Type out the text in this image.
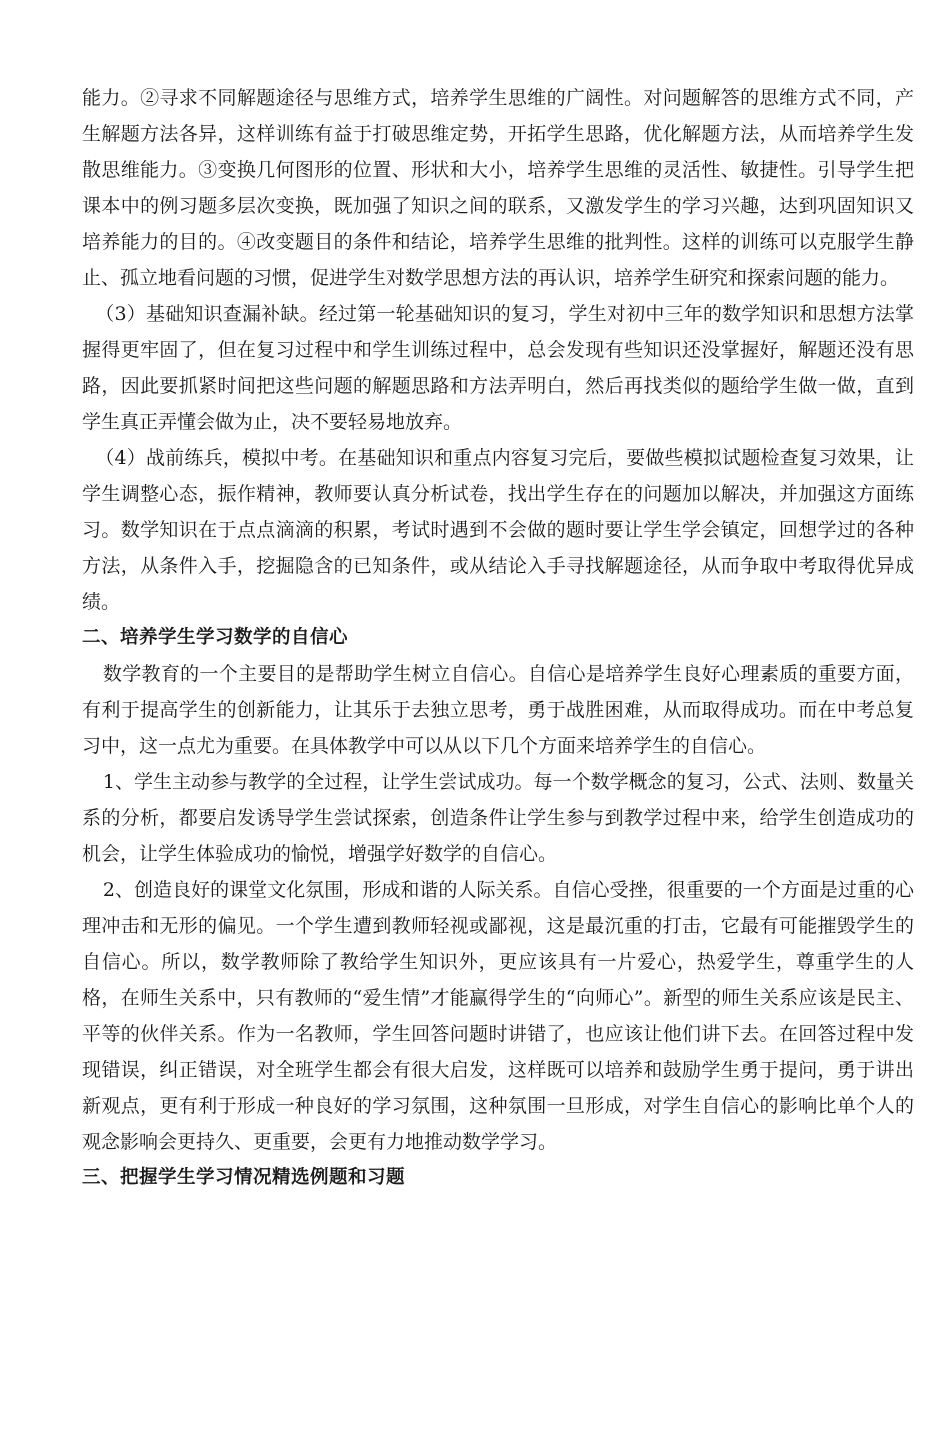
能力。②寻求不同解题途径与思维方式，培养学生思维的广阔性。对问题解答的思维方式不同，产生解题方法各异，这样训练有益于打破思维定势，开拓学生思路，优化解题方法，从而培养学生发散思维能力。③变换几何图形的位置、形状和大小，培养学生思维的灵活性、敏捷性。引导学生把课本中的例习题多层次变换，既加强了知识之间的联系，又激发学生的学习兴趣，达到巩固知识又培养能力的目的。④改变题目的条件和结论，培养学生思维的批判性。这样的训练可以克服学生静止、孤立地看问题的习惯，促进学生对数学思想方法的再认识，培养学生研究和探索问题的能力。

（3）基础知识查漏补缺。经过第一轮基础知识的复习，学生对初中三年的数学知识和思想方法掌握得更牢固了，但在复习过程中和学生训练过程中，总会发现有些知识还没掌握好，解题还没有思路，因此要抓紧时间把这些问题的解题思路和方法弄明白，然后再找类似的题给学生做一做，直到学生真正弄懂会做为止，决不要轻易地放弃。

（4）战前练兵，模拟中考。在基础知识和重点内容复习完后，要做些模拟试题检查复习效果，让学生调整心态，振作精神，教师要认真分析试卷，找出学生存在的问题加以解决，并加强这方面练习。数学知识在于点点滴滴的积累，考试时遇到不会做的题时要让学生学会镇定，回想学过的各种方法，从条件入手，挖掘隐含的已知条件，或从结论入手寻找解题途径，从而争取中考取得优异成绩。

二、培养学生学习数学的自信心

数学教育的一个主要目的是帮助学生树立自信心。自信心是培养学生良好心理素质的重要方面，有利于提高学生的创新能力，让其乐于去独立思考，勇于战胜困难，从而取得成功。而在中考总复习中，这一点尤为重要。在具体教学中可以从以下几个方面来培养学生的自信心。

1、学生主动参与教学的全过程，让学生尝试成功。每一个数学概念的复习，公式、法则、数量关系的分析，都要启发诱导学生尝试探索，创造条件让学生参与到教学过程中来，给学生创造成功的机会，让学生体验成功的愉悦，增强学好数学的自信心。

2、创造良好的课堂文化氛围，形成和谐的人际关系。自信心受挫，很重要的一个方面是过重的心理冲击和无形的偏见。一个学生遭到教师轻视或鄙视，这是最沉重的打击，它最有可能摧毁学生的自信心。所以，数学教师除了教给学生知识外，更应该具有一片爱心，热爱学生，尊重学生的人格，在师生关系中，只有教师的“爱生情”才能赢得学生的“向师心”。新型的师生关系应该是民主、平等的伙伴关系。作为一名教师，学生回答问题时讲错了，也应该让他们讲下去。在回答过程中发现错误，纠正错误，对全班学生都会有很大启发，这样既可以培养和鼓励学生勇于提问，勇于讲出新观点，更有利于形成一种良好的学习氛围，这种氛围一旦形成，对学生自信心的影响比单个人的观念影响会更持久、更重要，会更有力地推动数学学习。

三、把握学生学习情况精选例题和习题
